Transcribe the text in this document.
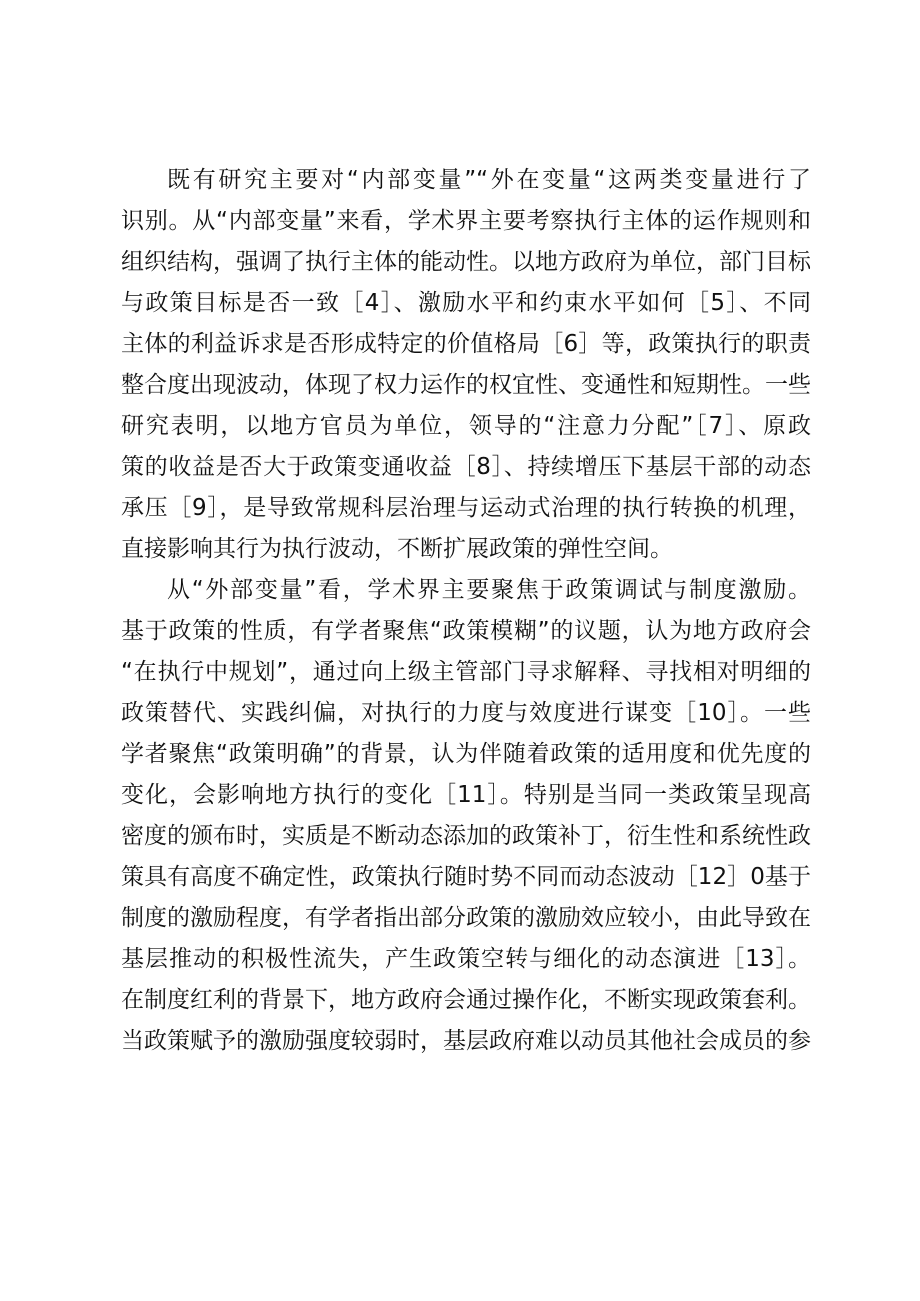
既有研究主要对“内部变量”“外在变量“这两类变量进行了
识别。从“内部变量”来看，学术界主要考察执行主体的运作规则和
组织结构，强调了执行主体的能动性。以地方政府为单位，部门目标
与政策目标是否一致［4］、激励水平和约束水平如何［5］、不同
主体的利益诉求是否形成特定的价值格局［6］等，政策执行的职责
整合度出现波动，体现了权力运作的权宜性、变通性和短期性。一些
研究表明，以地方官员为单位，领导的“注意力分配”［7］、原政
策的收益是否大于政策变通收益［8］、持续增压下基层干部的动态
承压［9］，是导致常规科层治理与运动式治理的执行转换的机理，
直接影响其行为执行波动，不断扩展政策的弹性空间。
从“外部变量”看，学术界主要聚焦于政策调试与制度激励。
基于政策的性质，有学者聚焦“政策模糊”的议题，认为地方政府会
“在执行中规划”，通过向上级主管部门寻求解释、寻找相对明细的
政策替代、实践纠偏，对执行的力度与效度进行谋变［10］。一些
学者聚焦“政策明确”的背景，认为伴随着政策的适用度和优先度的
变化，会影响地方执行的变化［11］。特别是当同一类政策呈现高
密度的颁布时，实质是不断动态添加的政策补丁，衍生性和系统性政
策具有高度不确定性，政策执行随时势不同而动态波动［12］0基于
制度的激励程度，有学者指出部分政策的激励效应较小，由此导致在
基层推动的积极性流失，产生政策空转与细化的动态演进［13］。
在制度红利的背景下，地方政府会通过操作化，不断实现政策套利。
当政策赋予的激励强度较弱时，基层政府难以动员其他社会成员的参
